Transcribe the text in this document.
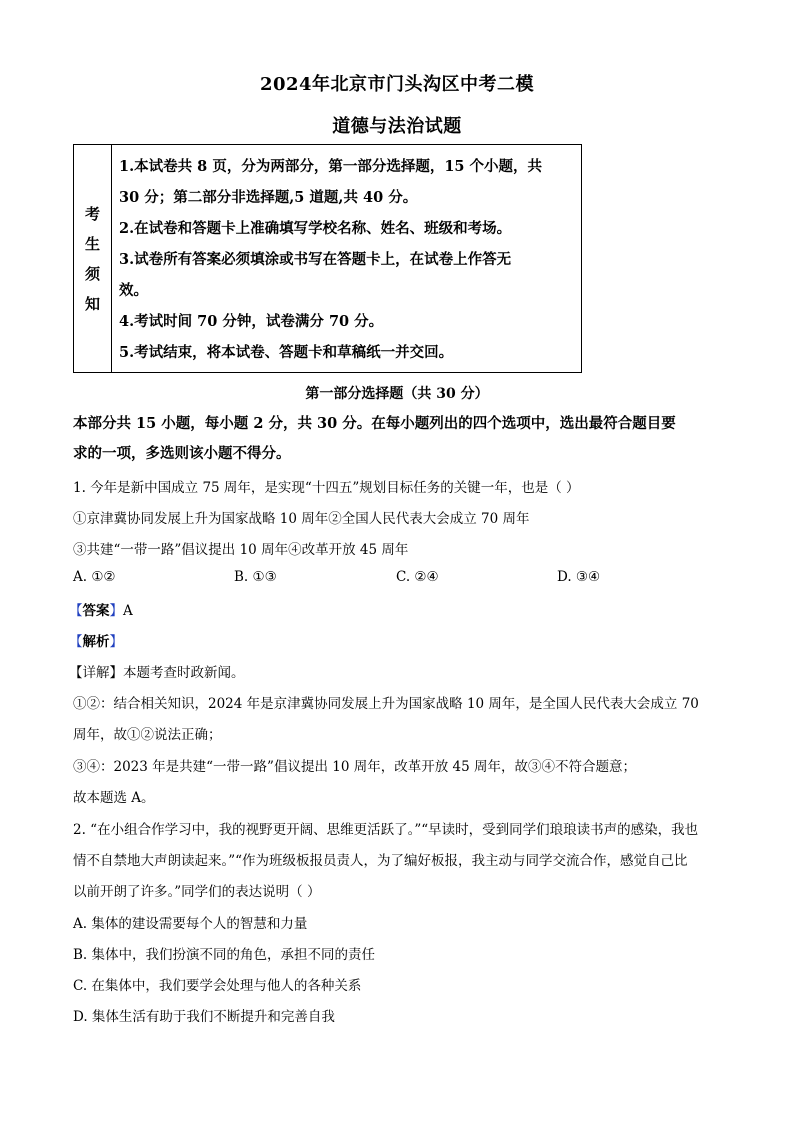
2024年北京市门头沟区中考二模
道德与法治试题
考
生
须
知
1.本试卷共 8 页，分为两部分，第一部分选择题，15 个小题，共
30 分；第二部分非选择题,5 道题,共 40 分。
2.在试卷和答题卡上准确填写学校名称、姓名、班级和考场。
3.试卷所有答案必须填涂或书写在答题卡上，在试卷上作答无
效。
4.考试时间 70 分钟，试卷满分 70 分。
5.考试结束，将本试卷、答题卡和草稿纸一并交回。
第一部分选择题（共 30 分）
本部分共 15 小题，每小题 2 分，共 30 分。在每小题列出的四个选项中，选出最符合题目要
求的一项，多选则该小题不得分。
1. 今年是新中国成立 75 周年，是实现“十四五”规划目标任务的关键一年，也是（ ）
①京津冀协同发展上升为国家战略 10 周年②全国人民代表大会成立 70 周年
③共建“一带一路”倡议提出 10 周年④改革开放 45 周年
A. ①②	B. ①③	C. ②④	D. ③④
【答案】A
【解析】
【详解】本题考查时政新闻。
①②：结合相关知识，2024 年是京津冀协同发展上升为国家战略 10 周年，是全国人民代表大会成立 70
周年，故①②说法正确；
③④：2023 年是共建“一带一路”倡议提出 10 周年，改革开放 45 周年，故③④不符合题意；
故本题选 A。
2. “在小组合作学习中，我的视野更开阔、思维更活跃了。”“早读时，受到同学们琅琅读书声的感染，我也
情不自禁地大声朗读起来。”“作为班级板报员责人，为了编好板报，我主动与同学交流合作，感觉自己比
以前开朗了许多。”同学们的表达说明（ ）
A. 集体的建设需要每个人的智慧和力量
B. 集体中，我们扮演不同的角色，承担不同的责任
C. 在集体中，我们要学会处理与他人的各种关系
D. 集体生活有助于我们不断提升和完善自我
